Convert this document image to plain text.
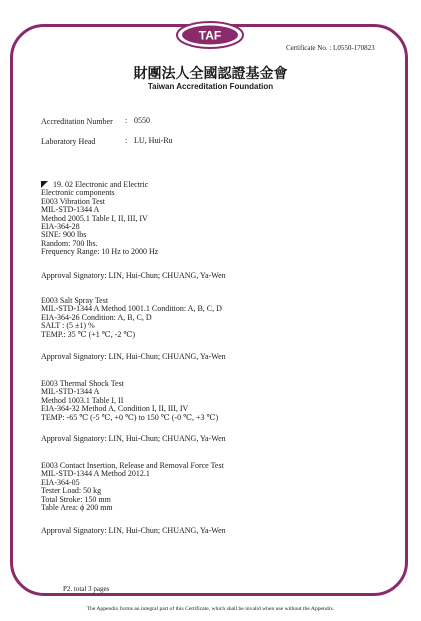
TAF
Certificate No. : L0550-170823
財團法人全國認證基金會
Taiwan Accreditation Foundation
Accreditation Number : 0550
Laboratory Head	: LU, Hui-Ru
19. 02 Electronic and Electric
Electronic components
E003 Vibration Test
MIL-STD-1344 A
Method 2005.1 Table I, II, III, IV
EIA-364-28
SINE: 900 lbs
Random: 700 lbs.
Frequency Range: 10 Hz to 2000 Hz
Approval Signatory: LIN, Hui-Chun; CHUANG, Ya-Wen
E003 Salt Spray Test
MIL-STD-1344 A Method 1001.1 Condition: A, B, C, D
EIA-364-26 Condition: A, B, C, D
SALT : (5 ±1) %
TEMP.: 35 ℃ (+1 ℃, -2 ℃)
Approval Signatory: LIN, Hui-Chun; CHUANG, Ya-Wen
E003 Thermal Shock Test
MIL-STD-1344 A
Method 1003.1 Table I, II
EIA-364-32 Method A, Condition I, II, III, IV
TEMP: -65 ℃ (-5 ℃, +0 ℃) to 150 ℃ (-0 ℃, +3 ℃)
Approval Signatory: LIN, Hui-Chun; CHUANG, Ya-Wen
E003 Contact Insertion, Release and Removal Force Test
MIL-STD-1344 A Method 2012.1
EIA-364-05
Tester Load: 50 kg
Total Stroke: 150 mm
Table Area: ϕ 200 mm
Approval Signatory: LIN, Hui-Chun; CHUANG, Ya-Wen
P2. total 3 pages
The Appendix forms an integral part of this Certificate, which shall be invalid when use without the Appendix.
